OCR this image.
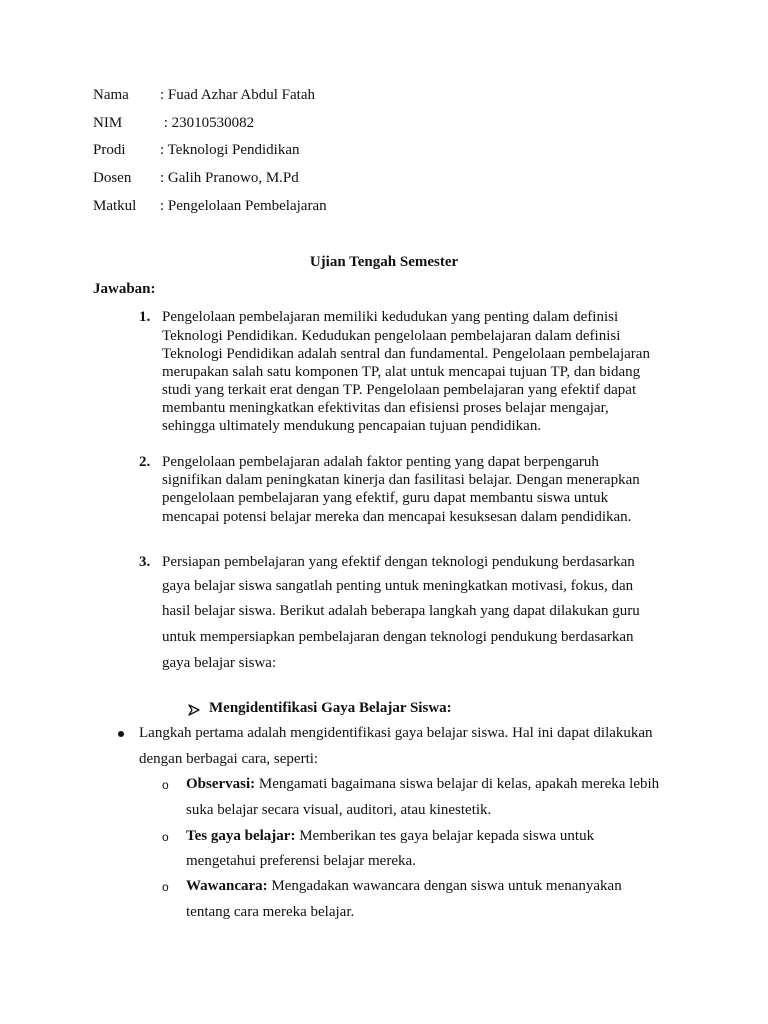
Nama : Fuad Azhar Abdul Fatah
NIM	: 23010530082
Prodi : Teknologi Pendidikan
Dosen : Galih Pranowo, M.Pd
Matkul : Pengelolaan Pembelajaran
Ujian Tengah Semester
Jawaban:
1. Pengelolaan pembelajaran memiliki kedudukan yang penting dalam definisi
Teknologi Pendidikan. Kedudukan pengelolaan pembelajaran dalam definisi
Teknologi Pendidikan adalah sentral dan fundamental. Pengelolaan pembelajaran
merupakan salah satu komponen TP, alat untuk mencapai tujuan TP, dan bidang
studi yang terkait erat dengan TP. Pengelolaan pembelajaran yang efektif dapat
membantu meningkatkan efektivitas dan efisiensi proses belajar mengajar,
sehingga ultimately mendukung pencapaian tujuan pendidikan.
2. Pengelolaan pembelajaran adalah faktor penting yang dapat berpengaruh
signifikan dalam peningkatan kinerja dan fasilitasi belajar. Dengan menerapkan
pengelolaan pembelajaran yang efektif, guru dapat membantu siswa untuk
mencapai potensi belajar mereka dan mencapai kesuksesan dalam pendidikan.
3. Persiapan pembelajaran yang efektif dengan teknologi pendukung berdasarkan
gaya belajar siswa sangatlah penting untuk meningkatkan motivasi, fokus, dan
hasil belajar siswa. Berikut adalah beberapa langkah yang dapat dilakukan guru
untuk mempersiapkan pembelajaran dengan teknologi pendukung berdasarkan
gaya belajar siswa:
Mengidentifikasi Gaya Belajar Siswa:
Langkah pertama adalah mengidentifikasi gaya belajar siswa. Hal ini dapat dilakukan
dengan berbagai cara, seperti:
o Observasi: Mengamati bagaimana siswa belajar di kelas, apakah mereka lebih
suka belajar secara visual, auditori, atau kinestetik.
o Tes gaya belajar: Memberikan tes gaya belajar kepada siswa untuk
mengetahui preferensi belajar mereka.
o Wawancara: Mengadakan wawancara dengan siswa untuk menanyakan
tentang cara mereka belajar.
